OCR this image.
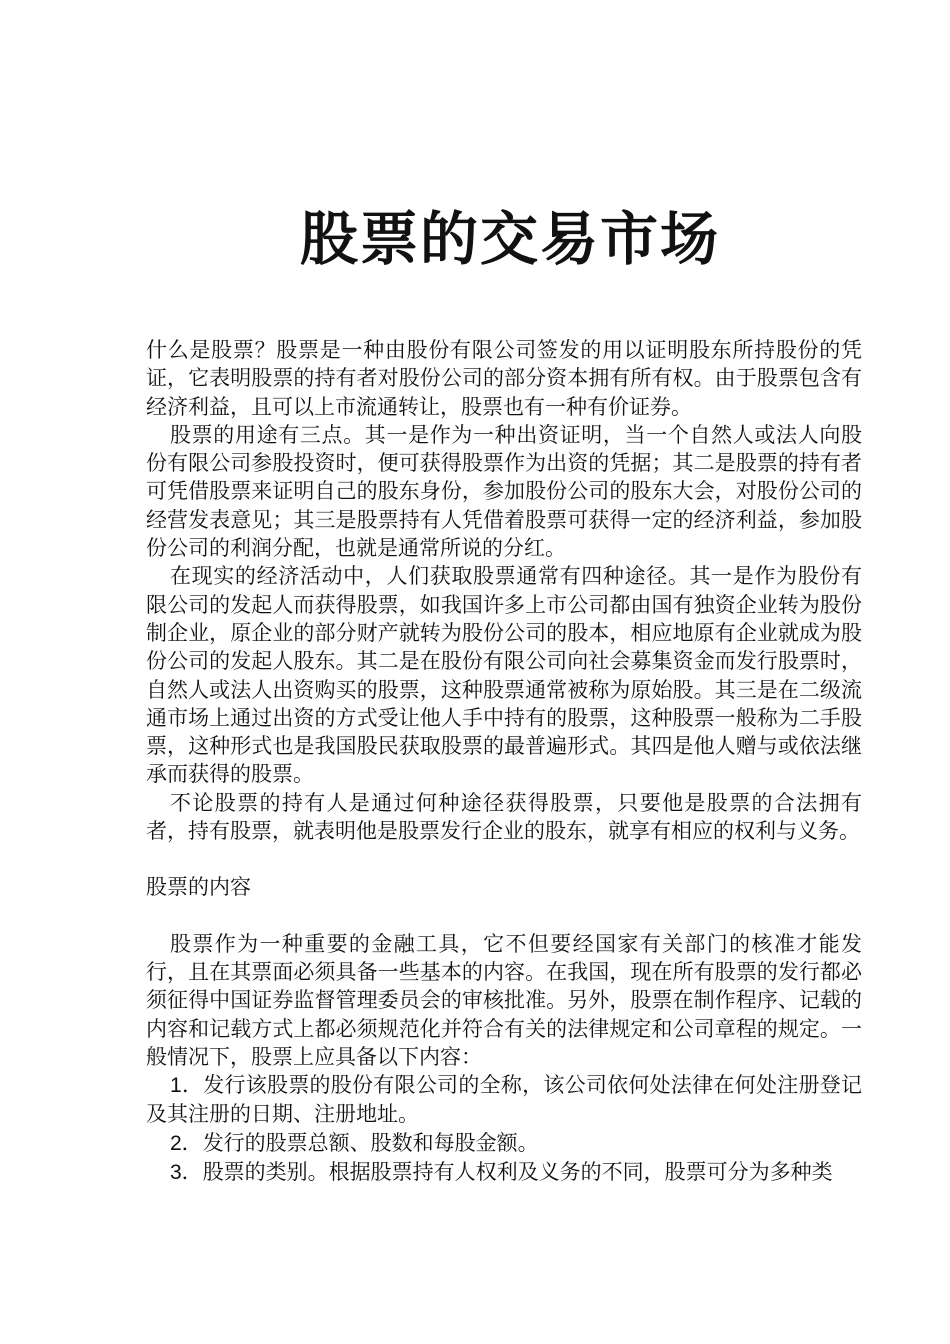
股票的交易市场

什么是股票？股票是一种由股份有限公司签发的用以证明股东所持股份的凭证，它表明股票的持有者对股份公司的部分资本拥有所有权。由于股票包含有经济利益，且可以上市流通转让，股票也有一种有价证券。

股票的用途有三点。其一是作为一种出资证明，当一个自然人或法人向股份有限公司参股投资时，便可获得股票作为出资的凭据；其二是股票的持有者可凭借股票来证明自己的股东身份，参加股份公司的股东大会，对股份公司的经营发表意见；其三是股票持有人凭借着股票可获得一定的经济利益，参加股份公司的利润分配，也就是通常所说的分红。

在现实的经济活动中，人们获取股票通常有四种途径。其一是作为股份有限公司的发起人而获得股票，如我国许多上市公司都由国有独资企业转为股份制企业，原企业的部分财产就转为股份公司的股本，相应地原有企业就成为股份公司的发起人股东。其二是在股份有限公司向社会募集资金而发行股票时，自然人或法人出资购买的股票，这种股票通常被称为原始股。其三是在二级流通市场上通过出资的方式受让他人手中持有的股票，这种股票一般称为二手股票，这种形式也是我国股民获取股票的最普遍形式。其四是他人赠与或依法继承而获得的股票。

不论股票的持有人是通过何种途径获得股票，只要他是股票的合法拥有者，持有股票，就表明他是股票发行企业的股东，就享有相应的权利与义务。

股票的内容

股票作为一种重要的金融工具，它不但要经国家有关部门的核准才能发行，且在其票面必须具备一些基本的内容。在我国，现在所有股票的发行都必须征得中国证券监督管理委员会的审核批准。另外，股票在制作程序、记载的内容和记载方式上都必须规范化并符合有关的法律规定和公司章程的规定。一般情况下，股票上应具备以下内容：

1．发行该股票的股份有限公司的全称，该公司依何处法律在何处注册登记及其注册的日期、注册地址。

2．发行的股票总额、股数和每股金额。

3．股票的类别。根据股票持有人权利及义务的不同，股票可分为多种类
